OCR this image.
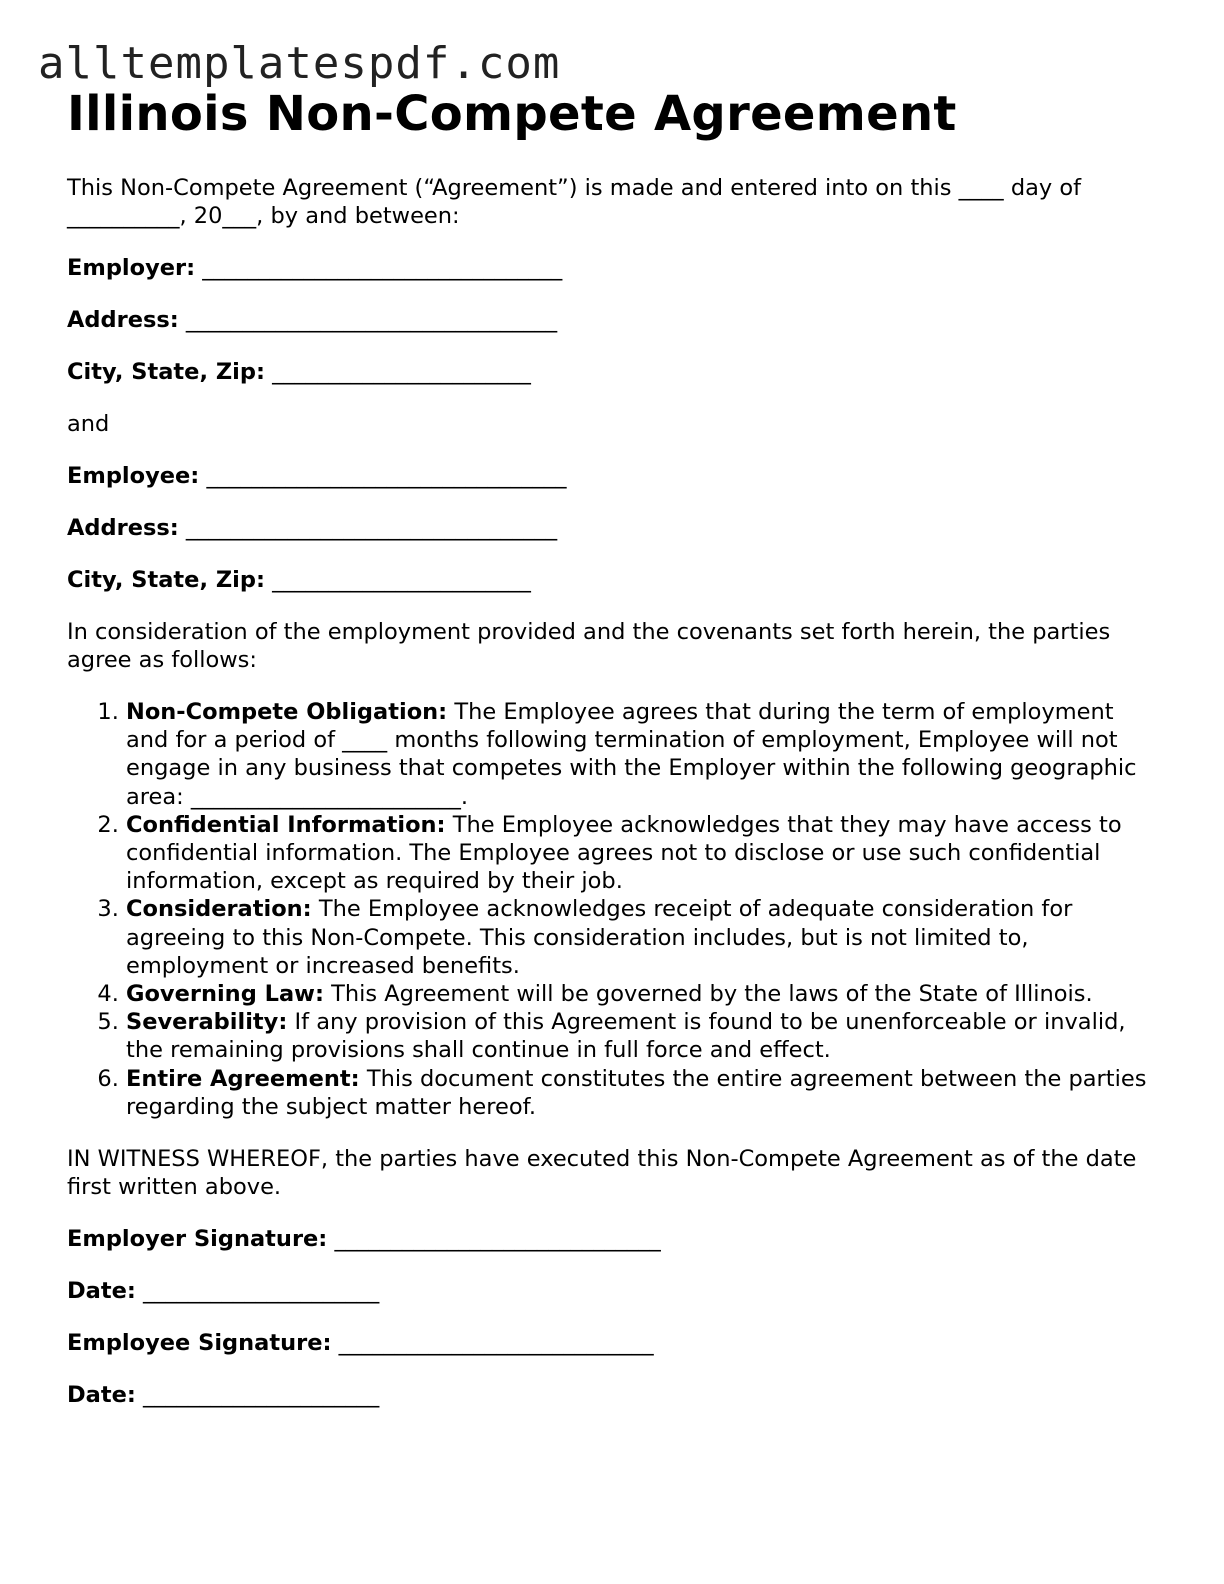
alltemplatespdf.com
Illinois Non-Compete Agreement

This Non-Compete Agreement (“Agreement”) is made and entered into on this ____ day of
__________, 20___, by and between:

Employer: ________________________________

Address: _________________________________

City, State, Zip: _______________________

and

Employee: ________________________________

Address: _________________________________

City, State, Zip: _______________________

In consideration of the employment provided and the covenants set forth herein, the parties agree as follows:

1. Non-Compete Obligation: The Employee agrees that during the term of employment and for a period of ____ months following termination of employment, Employee will not engage in any business that competes with the Employer within the following geographic area: ________________________.
2. Confidential Information: The Employee acknowledges that they may have access to confidential information. The Employee agrees not to disclose or use such confidential information, except as required by their job.
3. Consideration: The Employee acknowledges receipt of adequate consideration for agreeing to this Non-Compete. This consideration includes, but is not limited to, employment or increased benefits.
4. Governing Law: This Agreement will be governed by the laws of the State of Illinois.
5. Severability: If any provision of this Agreement is found to be unenforceable or invalid, the remaining provisions shall continue in full force and effect.
6. Entire Agreement: This document constitutes the entire agreement between the parties regarding the subject matter hereof.

IN WITNESS WHEREOF, the parties have executed this Non-Compete Agreement as of the date first written above.

Employer Signature: _____________________________

Date: _____________________

Employee Signature: ____________________________

Date: _____________________
